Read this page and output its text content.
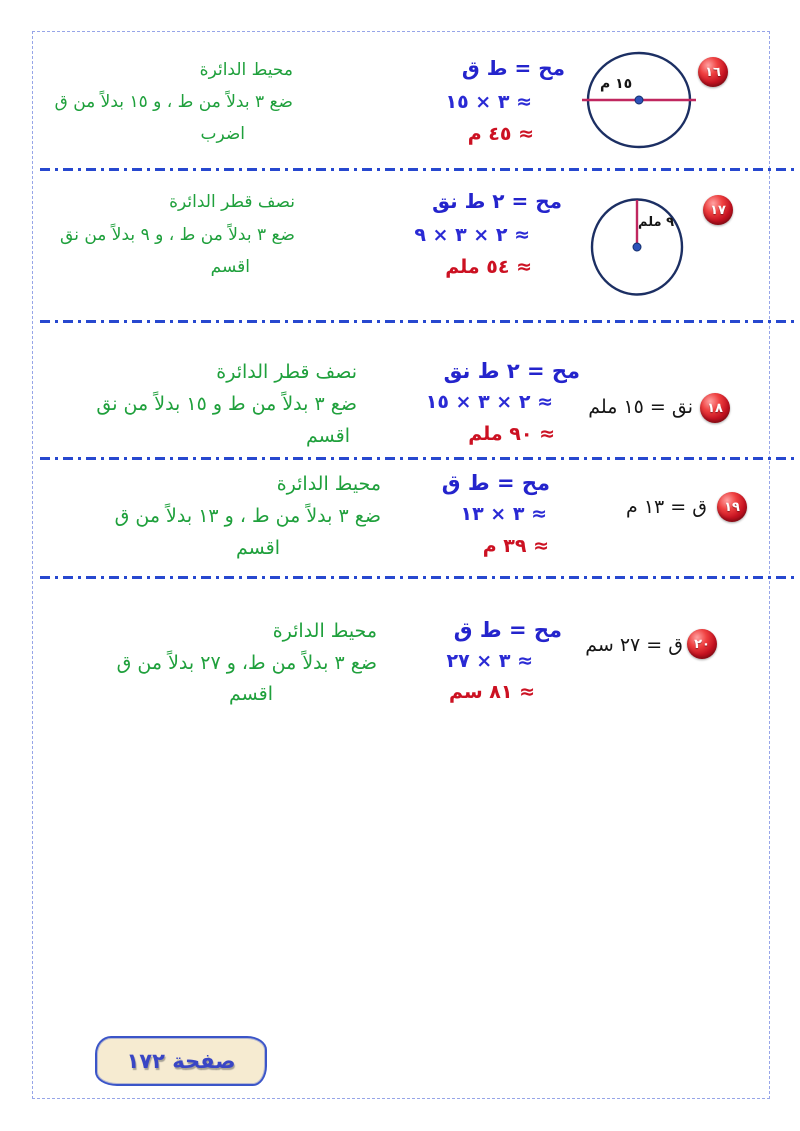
١٦
١٥ م
مح = ط ق
≈ ٣ × ١٥
≈ ٤٥ م
محيط الدائرة
ضع ٣ بدلاً من ط ، و ١٥ بدلاً من ق
اضرب
١٧
٩ ملم
مح = ٢ ط نق
≈ ٢ × ٣ × ٩
≈ ٥٤ ملم
نصف قطر الدائرة
ضع ٣ بدلاً من ط ، و ٩ بدلاً من نق
اقسم
١٨
نق = ١٥ ملم
مح = ٢ ط نق
≈ ٢ × ٣ × ١٥
≈ ٩٠ ملم
نصف قطر الدائرة
ضع ٣ بدلاً من ط و ١٥ بدلاً من نق
اقسم
١٩
ق = ١٣ م
مح = ط ق
≈ ٣ × ١٣
≈ ٣٩ م
محيط الدائرة
ضع ٣ بدلاً من ط ، و ١٣ بدلاً من ق
اقسم
٢٠
ق = ٢٧ سم
مح = ط ق
≈ ٣ × ٢٧
≈ ٨١ سم
محيط الدائرة
ضع ٣ بدلاً من ط، و ٢٧ بدلاً من ق
اقسم
صفحة ١٧٢
